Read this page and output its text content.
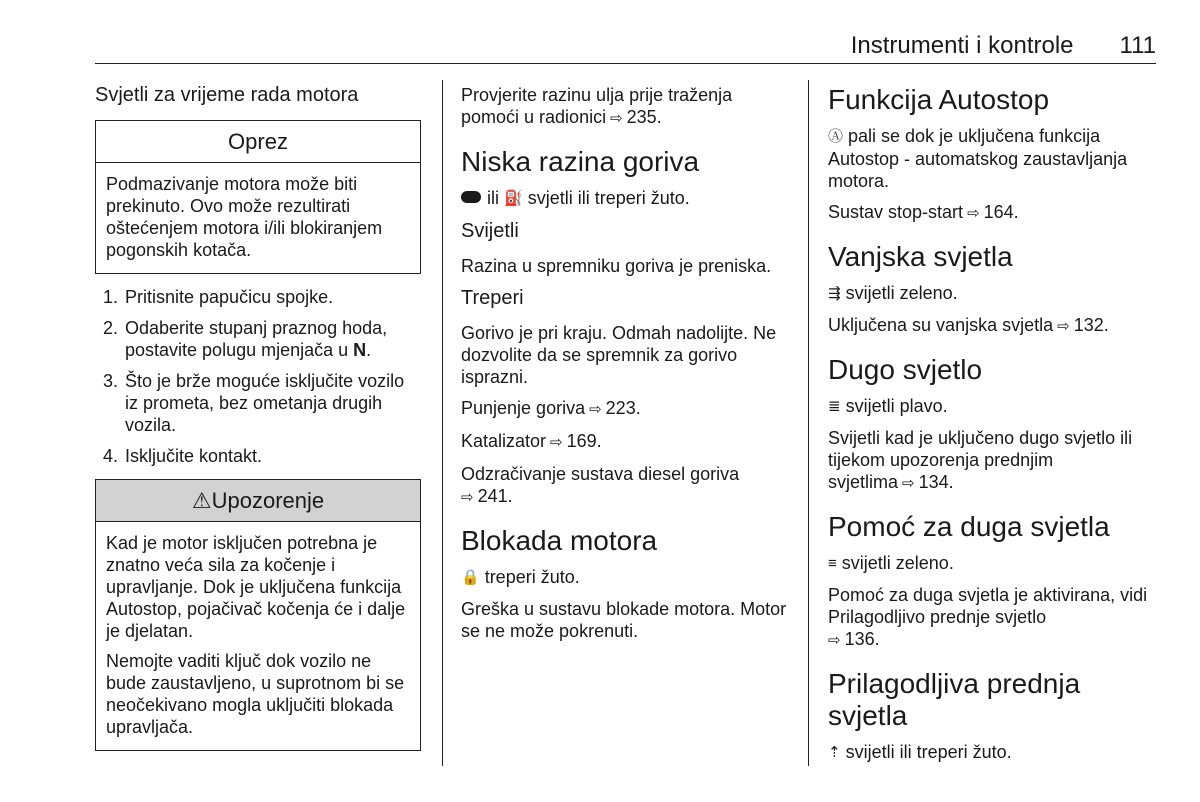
Instrumenti i kontrole 111

Svjetli za vrijeme rada motora

Oprez

Podmazivanje motora može biti prekinuto. Ovo može rezultirati oštećenjem motora i/ili blokiranjem pogonskih kotača.

1. Pritisnite papučicu spojke.
2. Odaberite stupanj praznog hoda, postavite polugu mjenjača u N.
3. Što je brže moguće isključite vozilo iz prometa, bez ometanja drugih vozila.
4. Isključite kontakt.
⚠Upozorenje

Kad je motor isključen potrebna je znatno veća sila za kočenje i upravljanje. Dok je uključena funkcija Autostop, pojačivač kočenja će i dalje je djelatan.

Nemojte vaditi ključ dok vozilo ne bude zaustavljeno, u suprotnom bi se neočekivano mogla uključiti blokada upravljača.

Provjerite razinu ulja prije traženja pomoći u radionici ⇨ 235.

Niska razina goriva

ili ⛽ svjetli ili treperi žuto.

Svijetli

Razina u spremniku goriva je preniska.

Treperi

Gorivo je pri kraju. Odmah nadolijte. Ne dozvolite da se spremnik za gorivo isprazni.

Punjenje goriva ⇨ 223.

Katalizator ⇨ 169.

Odzračivanje sustava diesel goriva
⇨ 241.

Blokada motora

🔒 treperi žuto.

Greška u sustavu blokade motora. Motor se ne može pokrenuti.

Funkcija Autostop

Ⓐ pali se dok je uključena funkcija Autostop - automatskog zaustavljanja motora.

Sustav stop-start ⇨ 164.

Vanjska svjetla

⇶ svijetli zeleno.

Uključena su vanjska svjetla ⇨ 132.

Dugo svjetlo

≣ svijetli plavo.

Svijetli kad je uključeno dugo svjetlo ili tijekom upozorenja prednjim svjetlima ⇨ 134.

Pomoć za duga svjetla

≡ svijetli zeleno.

Pomoć za duga svjetla je aktivirana, vidi Prilagodljivo prednje svjetlo
⇨ 136.

Prilagodljiva prednja svjetla

⇡ svijetli ili treperi žuto.
